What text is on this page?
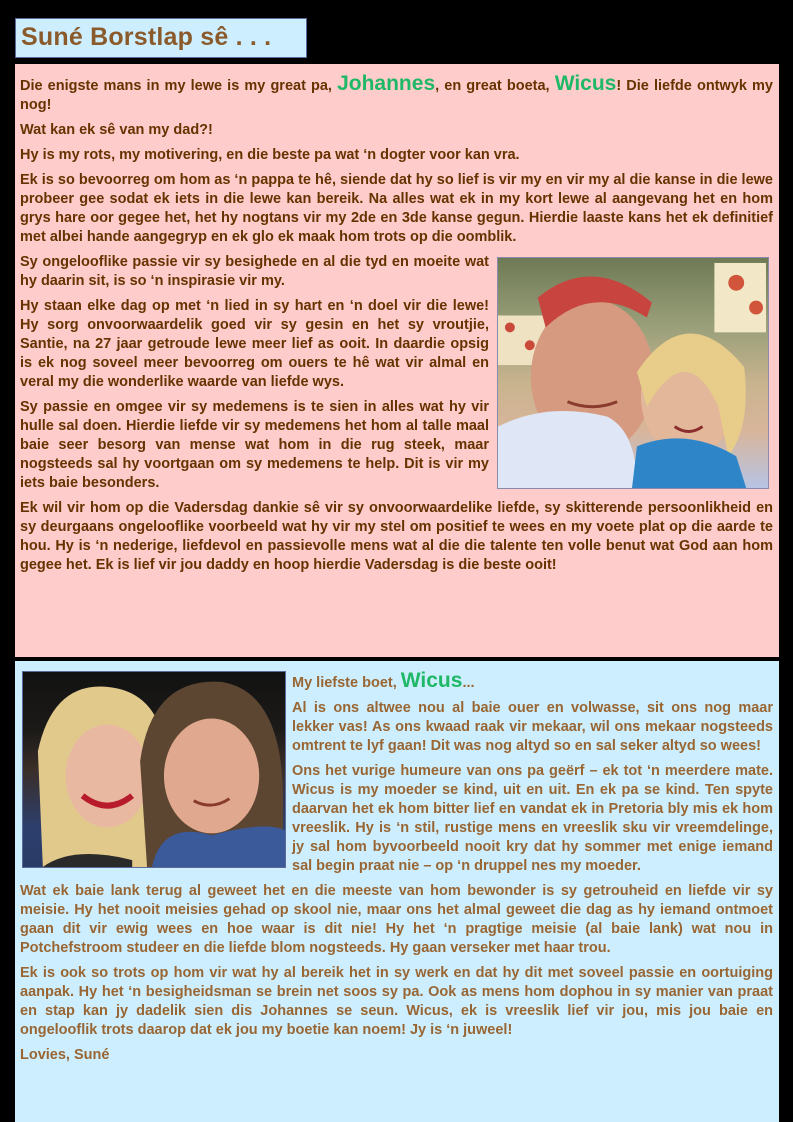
Suné Borstlap sê . . .

Die enigste mans in my lewe is my great pa, Johannes, en great boeta, Wicus! Die liefde ontwyk my nog!

Wat kan ek sê van my dad?!

Hy is my rots, my motivering, en die beste pa wat ‘n dogter voor kan vra.

Ek is so bevoorreg om hom as ‘n pappa te hê, siende dat hy so lief is vir my en vir my al die kanse in die lewe probeer gee sodat ek iets in die lewe kan bereik. Na alles wat ek in my kort lewe al aangevang het en hom grys hare oor gegee het, het hy nogtans vir my 2de en 3de kanse gegun. Hierdie laaste kans het ek definitief met albei hande aangegryp en ek glo ek maak hom trots op die oomblik.

Sy ongelooflike passie vir sy besighede en al die tyd en moeite wat hy daarin sit, is so ‘n inspirasie vir my.

Hy staan elke dag op met ‘n lied in sy hart en ‘n doel vir die lewe! Hy sorg onvoorwaardelik goed vir sy gesin en het sy vroutjie, Santie, na 27 jaar getroude lewe meer lief as ooit. In daardie opsig is ek nog soveel meer bevoorreg om ouers te hê wat vir almal en veral my die wonderlike waarde van liefde wys.

Sy passie en omgee vir sy medemens is te sien in alles wat hy vir hulle sal doen. Hierdie liefde vir sy medemens het hom al talle maal baie seer besorg van mense wat hom in die rug steek, maar nogsteeds sal hy voortgaan om sy medemens te help. Dit is vir my iets baie besonders.

Ek wil vir hom op die Vadersdag dankie sê vir sy onvoorwaardelike liefde, sy skitterende persoonlikheid en sy deurgaans ongelooflike voorbeeld wat hy vir my stel om positief te wees en my voete plat op die aarde te hou. Hy is ‘n nederige, liefdevol en passievolle mens wat al die die talente ten volle benut wat God aan hom gegee het. Ek is lief vir jou daddy en hoop hierdie Vadersdag is die beste ooit!

My liefste boet, Wicus...

Al is ons altwee nou al baie ouer en volwasse, sit ons nog maar lekker vas! As ons kwaad raak vir mekaar, wil ons mekaar nogsteeds omtrent te lyf gaan! Dit was nog altyd so en sal seker altyd so wees!

Ons het vurige humeure van ons pa geërf – ek tot ‘n meerdere mate. Wicus is my moeder se kind, uit en uit. En ek pa se kind. Ten spyte daarvan het ek hom bitter lief en vandat ek in Pretoria bly mis ek hom vreeslik. Hy is ‘n stil, rustige mens en vreeslik sku vir vreemdelinge, jy sal hom byvoorbeeld nooit kry dat hy sommer met enige iemand sal begin praat nie – op ‘n druppel nes my moeder.

Wat ek baie lank terug al geweet het en die meeste van hom bewonder is sy getrouheid en liefde vir sy meisie. Hy het nooit meisies gehad op skool nie, maar ons het almal geweet die dag as hy iemand ontmoet gaan dit vir ewig wees en hoe waar is dit nie! Hy het ‘n pragtige meisie (al baie lank) wat nou in Potchefstroom studeer en die liefde blom nogsteeds. Hy gaan verseker met haar trou.

Ek is ook so trots op hom vir wat hy al bereik het in sy werk en dat hy dit met soveel passie en oortuiging aanpak. Hy het ‘n besigheidsman se brein net soos sy pa. Ook as mens hom dophou in sy manier van praat en stap kan jy dadelik sien dis Johannes se seun. Wicus, ek is vreeslik lief vir jou, mis jou baie en ongelooflik trots daarop dat ek jou my boetie kan noem! Jy is ‘n juweel!

Lovies, Suné
